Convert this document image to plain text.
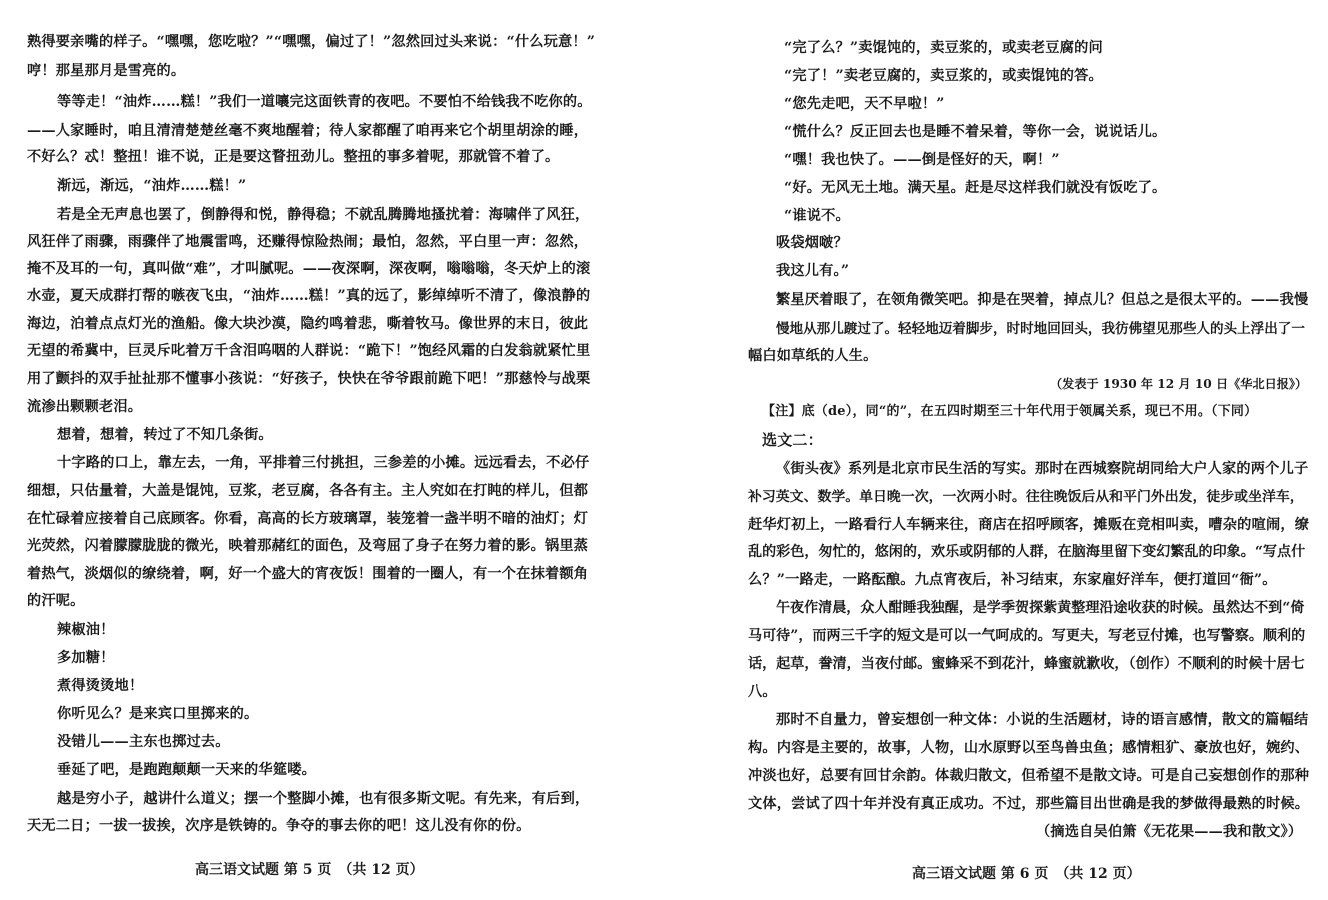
熟得要亲嘴的样子。“嘿嘿，您吃啦？”“嘿嘿，偏过了！”忽然回过头来说：“什么玩意！”
哼！那星那月是雪亮的。
等等走！“油炸……糕！”我们一道嚷完这面铁青的夜吧。不要怕不给钱我不吃你的。
——人家睡时，咱且清清楚楚丝毫不爽地醒着；待人家都醒了咱再来它个胡里胡涂的睡，
不好么？忒！整扭！谁不说，正是要这瞀扭劲儿。整扭的事多着呢，那就管不着了。
渐远，渐远，“油炸……糕！”
若是全无声息也罢了，倒静得和悦，静得稳；不就乱腾腾地搔扰着：海啸伴了风狂，
风狂伴了雨骤，雨骤伴了地震雷鸣，还赚得惊险热闹；最怕，忽然，平白里一声：忽然，
掩不及耳的一句，真叫做“难”，才叫腻呢。——夜深啊，深夜啊，嗡嗡嗡，冬天炉上的滚
水壶，夏天成群打帮的嗾夜飞虫，“油炸……糕！”真的远了，影绰绰听不清了，像浪静的
海边，泊着点点灯光的渔船。像大块沙漠，隐约鸣着悲，嘶着牧马。像世界的末日，彼此
无望的希冀中，巨灵斥叱着万千含泪呜咽的人群说：“跪下！”饱经风霜的白发翁就紧忙里
用了颤抖的双手扯扯那不懂事小孩说：“好孩子，快快在爷爷跟前跪下吧！”那慈怜与战栗
流渗出颗颗老泪。
想着，想着，转过了不知几条街。
十字路的口上，靠左去，一角，平排着三付挑担，三参差的小摊。远远看去，不必仔
细想，只估量着，大盖是馄饨，豆浆，老豆腐，各各有主。主人究如在打盹的样儿，但都
在忙碌着应接着自己底顾客。你看，高高的长方玻璃罩，装笼着一盏半明不暗的油灯；灯
光荧然，闪着朦朦胧胧的微光，映着那赭红的面色，及弯屈了身子在努力着的影。锅里蒸
着热气，淡烟似的缭绕着，啊，好一个盛大的宵夜饭！围着的一圈人，有一个在抹着额角
的汗呢。
辣椒油！
多加糖！
煮得烫烫地！
你听见么？是来宾口里掷来的。
没错儿——主东也掷过去。
垂延了吧，是跑跑颠颠一天来的华筵喽。
越是穷小子，越讲什么道义；摆一个整脚小摊，也有很多斯文呢。有先来，有后到，
天无二日；一拔一拔挨，次序是铁铸的。争夺的事去你的吧！这儿没有你的份。
高三语文试题 第 5 页　（共 12 页）
“完了么？”卖馄饨的，卖豆浆的，或卖老豆腐的问
“完了！”卖老豆腐的，卖豆浆的，或卖馄饨的答。
“您先走吧，天不早啦！”
“慌什么？反正回去也是睡不着呆着，等你一会，说说话儿。
“嘿！我也快了。——倒是怪好的天，啊！”
“好。无风无土地。满天星。赶是尽这样我们就没有饭吃了。
“谁说不。
吸袋烟啵？
我这儿有。”
繁星厌着眼了，在领角微笑吧。抑是在哭着，掉点儿？但总之是很太平的。——我慢
慢地从那儿踱过了。轻轻地迈着脚步，时时地回回头，我彷佛望见那些人的头上浮出了一
幅白如草纸的人生。
（发表于 1930 年 12 月 10 日《华北日报》）
【注】底（de），同“的”，在五四时期至三十年代用于领属关系，现已不用。（下同）
选文二：
《街头夜》系列是北京市民生活的写实。那时在西城察院胡同给大户人家的两个儿子
补习英文、数学。单日晚一次，一次两小时。往往晚饭后从和平门外出发，徒步或坐洋车，
赶华灯初上，一路看行人车辆来往，商店在招呼顾客，摊贩在竞相叫卖，嘈杂的喧闹，缭
乱的彩色，匆忙的，悠闲的，欢乐或阴郁的人群，在脑海里留下变幻繁乱的印象。“写点什
么？”一路走，一路酝酿。九点宵夜后，补习结束，东家雇好洋车，便打道回“衙”。
午夜作清晨，众人酣睡我独醒，是学季贺探紫黄整理沿途收获的时候。虽然达不到“倚
马可待”，而两三千字的短文是可以一气呵成的。写更夫，写老豆付摊，也写警察。顺利的
话，起草，誊清，当夜付邮。蜜蜂采不到花汁，蜂蜜就歉收，（创作）不顺利的时候十居七
八。
那时不自量力，曾妄想创一种文体：小说的生活题材，诗的语言感情，散文的篇幅结
构。内容是主要的，故事，人物，山水原野以至鸟兽虫鱼；感情粗犷、豪放也好，婉约、
冲淡也好，总要有回甘余韵。体裁归散文，但希望不是散文诗。可是自己妄想创作的那种
文体，尝试了四十年并没有真正成功。不过，那些篇目出世确是我的梦做得最熟的时候。
（摘选自吴伯箫《无花果——我和散文》）
高三语文试题 第 6 页　（共 12 页）
